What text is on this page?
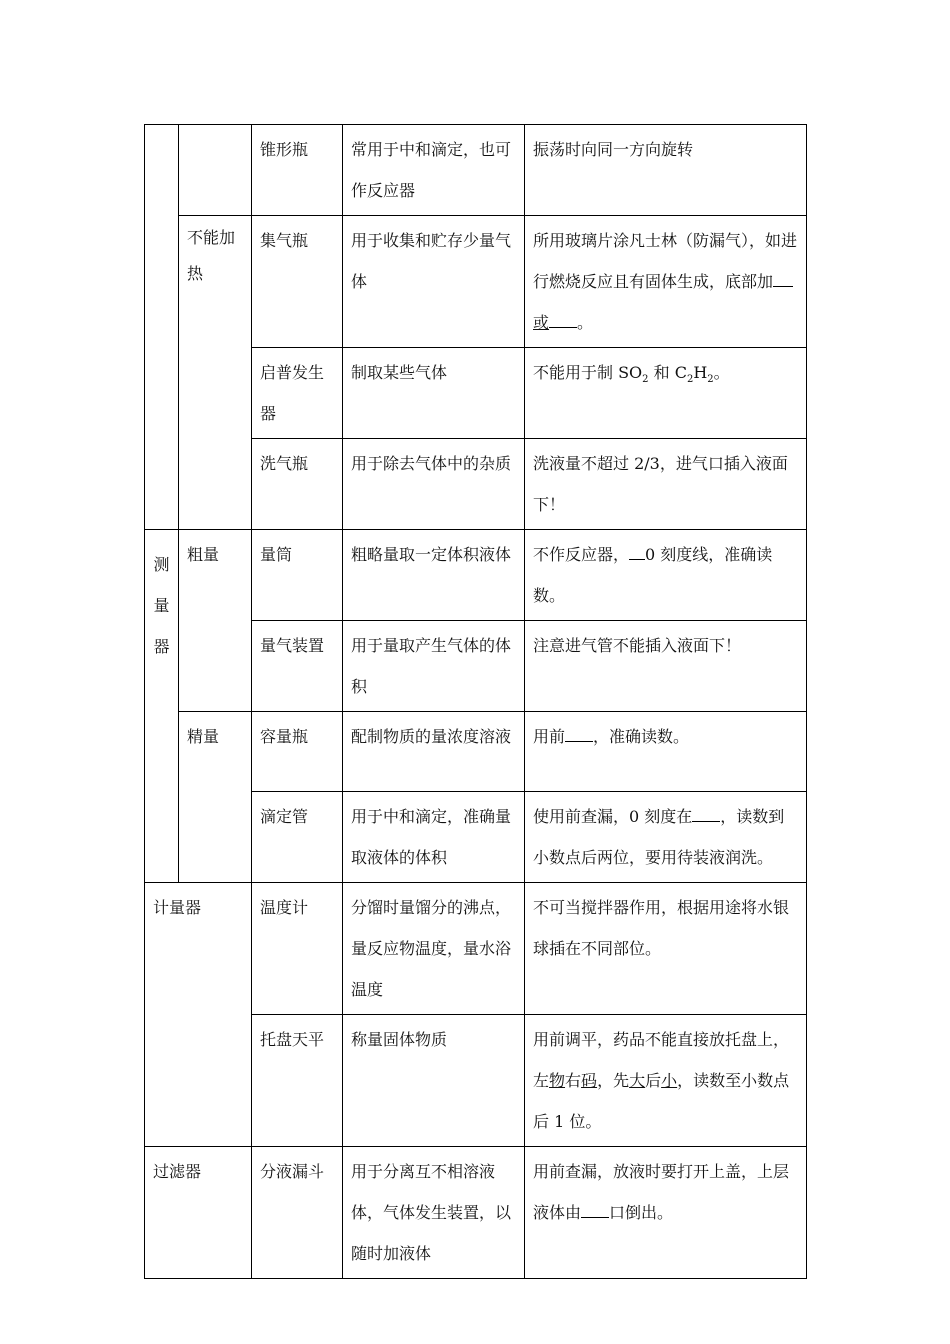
		锥形瓶	常用于中和滴定，也可作反应器	振荡时向同一方向旋转
	不能加热	集气瓶	用于收集和贮存少量气体	所用玻璃片涂凡士林（防漏气），如进行燃烧反应且有固体生成，底部加或 。
		启普发生器	制取某些气体	不能用于制 $SO_2$ 和 $C_2H_2$。
		洗气瓶	用于除去气体中的杂质	洗液量不超过 2/3，进气口插入液面下！

测量器	粗量	量筒	粗略量取一定体积液体	不作反应器， 0 刻度线，准确读数。
		量气装置	用于量取产生气体的体积	注意进气管不能插入液面下！
	精量	容量瓶	配制物质的量浓度溶液	用前 ，准确读数。
		滴定管	用于中和滴定，准确量取液体的体积	使用前查漏，0 刻度在 ，读数到小数点后两位，要用待装液润洗。
计量器		温度计	分馏时量馏分的沸点，量反应物温度，量水浴温度	不可当搅拌器作用，根据用途将水银球插在不同部位。
		托盘天平	称量固体物质	用前调平，药品不能直接放托盘上，左物右码，先大后小，读数至小数点后 1 位。
过滤器		分液漏斗	用于分离互不相溶液体，气体发生装置，以随时加液体	用前查漏，放液时要打开上盖，上层液体由 口倒出。
